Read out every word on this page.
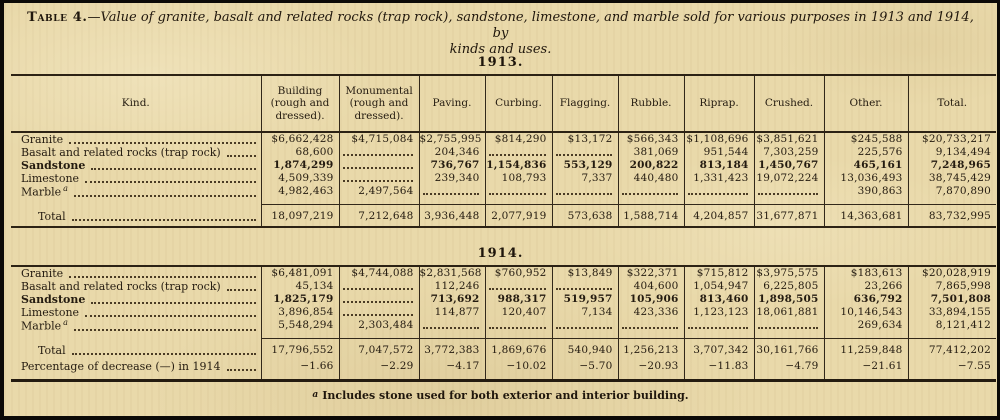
Table 4.—Value of granite, basalt and related rocks (trap rock), sandstone, limestone, and marble sold for various purposes in 1913 and 1914, by
kinds and uses.
1913.
Kind.	Building (rough and dressed).	Monumental (rough and dressed).	Paving.	Curbing.	Flagging.	Rubble.	Riprap.	Crushed.	Other.	Total.

Granite	$6,662,428	$4,715,084	$2,755,995	$814,290	$13,172	$566,343	$1,108,696	$3,851,621	$245,588	$20,733,217

Basalt and related rocks (trap rock)	68,600		204,346			381,069	951,544	7,303,259	225,576	9,134,494

Sandstone	1,874,299		736,767	1,154,836	553,129	200,822	813,184	1,450,767	465,161	7,248,965

Limestone	4,509,339		239,340	108,793	7,337	440,480	1,331,423	19,072,224	13,036,493	38,745,429

Marble $^a$	4,982,463	2,497,564							390,863	7,870,890

Total	18,097,219	7,212,648	3,936,448	2,077,919	573,638	1,588,714	4,204,857	31,677,871	14,363,681	83,732,995
1914.
Granite	$6,481,091	$4,744,088	$2,831,568	$760,952	$13,849	$322,371	$715,812	$3,975,575	$183,613	$20,028,919

Basalt and related rocks (trap rock)	45,134		112,246			404,600	1,054,947	6,225,805	23,266	7,865,998

Sandstone	1,825,179		713,692	988,317	519,957	105,906	813,460	1,898,505	636,792	7,501,808

Limestone	3,896,854		114,877	120,407	7,134	423,336	1,123,123	18,061,881	10,146,543	33,894,155

Marble $^a$	5,548,294	2,303,484							269,634	8,121,412

Total	17,796,552	7,047,572	3,772,383	1,869,676	540,940	1,256,213	3,707,342	30,161,766	11,259,848	77,412,202

Percentage of decrease (—) in 1914	−1.66	−2.29	−4.17	−10.02	−5.70	−20.93	−11.83	−4.79	−21.61	−7.55
a Includes stone used for both exterior and interior building.
